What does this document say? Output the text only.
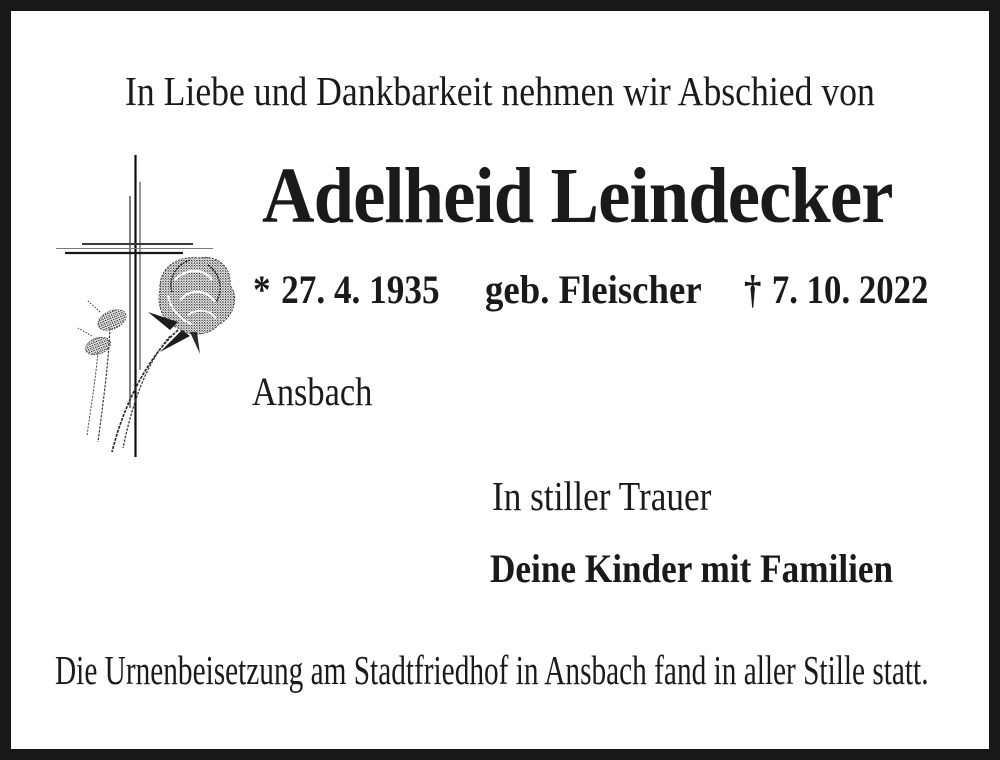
In Liebe und Dankbarkeit nehmen wir Abschied von
Adelheid Leindecker
* 27. 4. 1935 geb. Fleischer † 7. 10. 2022
Ansbach
In stiller Trauer
Deine Kinder mit Familien
Die Urnenbeisetzung am Stadtfriedhof in Ansbach fand in aller Stille statt.
